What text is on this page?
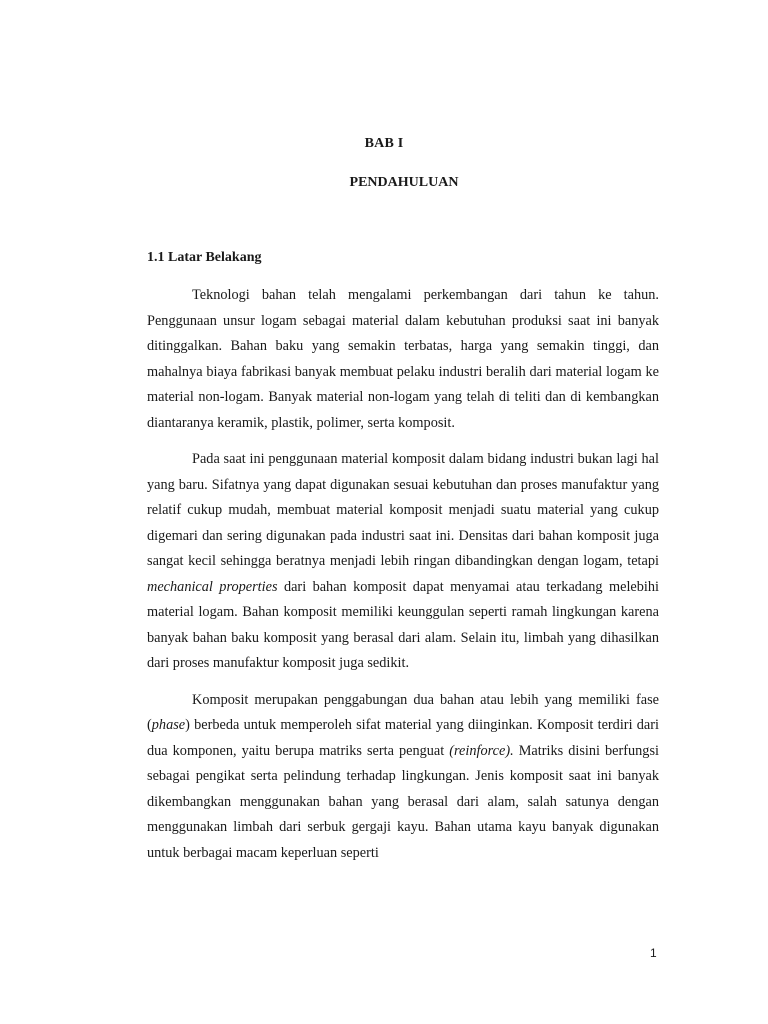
BAB I
PENDAHULUAN
1.1 Latar Belakang

Teknologi bahan telah mengalami perkembangan dari tahun ke tahun. Penggunaan unsur logam sebagai material dalam kebutuhan produksi saat ini banyak ditinggalkan. Bahan baku yang semakin terbatas, harga yang semakin tinggi, dan mahalnya biaya fabrikasi banyak membuat pelaku industri beralih dari material logam ke material non-logam. Banyak material non-logam yang telah di teliti dan di kembangkan diantaranya keramik, plastik, polimer, serta komposit.

Pada saat ini penggunaan material komposit dalam bidang industri bukan lagi hal yang baru. Sifatnya yang dapat digunakan sesuai kebutuhan dan proses manufaktur yang relatif cukup mudah, membuat material komposit menjadi suatu material yang cukup digemari dan sering digunakan pada industri saat ini. Densitas dari bahan komposit juga sangat kecil sehingga beratnya menjadi lebih ringan dibandingkan dengan logam, tetapi mechanical properties dari bahan komposit dapat menyamai atau terkadang melebihi material logam. Bahan komposit memiliki keunggulan seperti ramah lingkungan karena banyak bahan baku komposit yang berasal dari alam. Selain itu, limbah yang dihasilkan dari proses manufaktur komposit juga sedikit.

Komposit merupakan penggabungan dua bahan atau lebih yang memiliki fase (phase) berbeda untuk memperoleh sifat material yang diinginkan. Komposit terdiri dari dua komponen, yaitu berupa matriks serta penguat (reinforce). Matriks disini berfungsi sebagai pengikat serta pelindung terhadap lingkungan. Jenis komposit saat ini banyak dikembangkan menggunakan bahan yang berasal dari alam, salah satunya dengan menggunakan limbah dari serbuk gergaji kayu. Bahan utama kayu banyak digunakan untuk berbagai macam keperluan seperti

1
